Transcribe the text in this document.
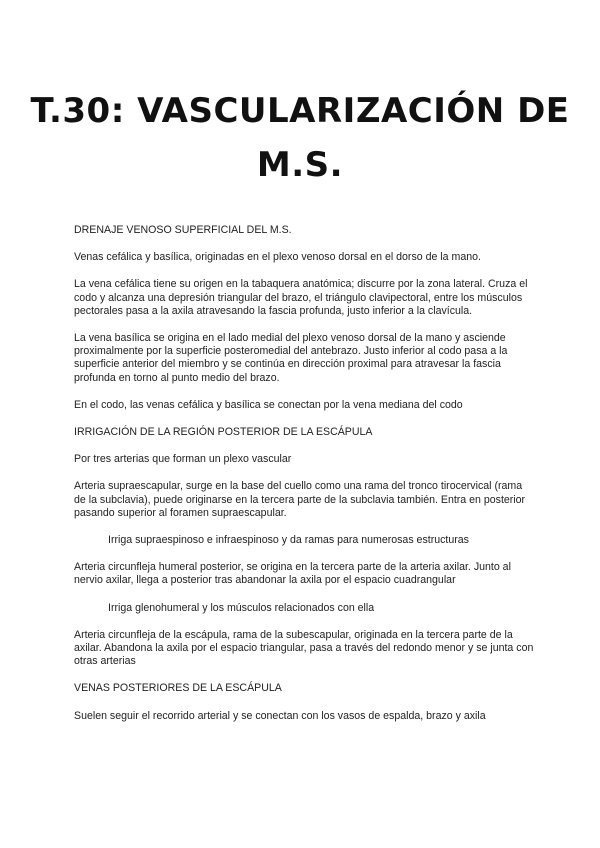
T.30: VASCULARIZACIÓN DE
M.S.

DRENAJE VENOSO SUPERFICIAL DEL M.S.

Venas cefálica y basílica, originadas en el plexo venoso dorsal en el dorso de la mano.

La vena cefálica tiene su origen en la tabaquera anatómica; discurre por la zona lateral. Cruza el codo y alcanza una depresión triangular del brazo, el triángulo clavipectoral, entre los músculos pectorales pasa a la axila atravesando la fascia profunda, justo inferior a la clavícula.

La vena basílica se origina en el lado medial del plexo venoso dorsal de la mano y asciende proximalmente por la superficie posteromedial del antebrazo. Justo inferior al codo pasa a la superficie anterior del miembro y se continúa en dirección proximal para atravesar la fascia profunda en torno al punto medio del brazo.

En el codo, las venas cefálica y basílica se conectan por la vena mediana del codo

IRRIGACIÓN DE LA REGIÓN POSTERIOR DE LA ESCÁPULA

Por tres arterias que forman un plexo vascular

Arteria supraescapular, surge en la base del cuello como una rama del tronco tirocervical (rama de la subclavia), puede originarse en la tercera parte de la subclavia también. Entra en posterior pasando superior al foramen supraescapular.

Irriga supraespinoso e infraespinoso y da ramas para numerosas estructuras

Arteria circunfleja humeral posterior, se origina en la tercera parte de la arteria axilar. Junto al nervio axilar, llega a posterior tras abandonar la axila por el espacio cuadrangular

Irriga glenohumeral y los músculos relacionados con ella

Arteria circunfleja de la escápula, rama de la subescapular, originada en la tercera parte de la axilar. Abandona la axila por el espacio triangular, pasa a través del redondo menor y se junta con otras arterias

VENAS POSTERIORES DE LA ESCÁPULA

Suelen seguir el recorrido arterial y se conectan con los vasos de espalda, brazo y axila
